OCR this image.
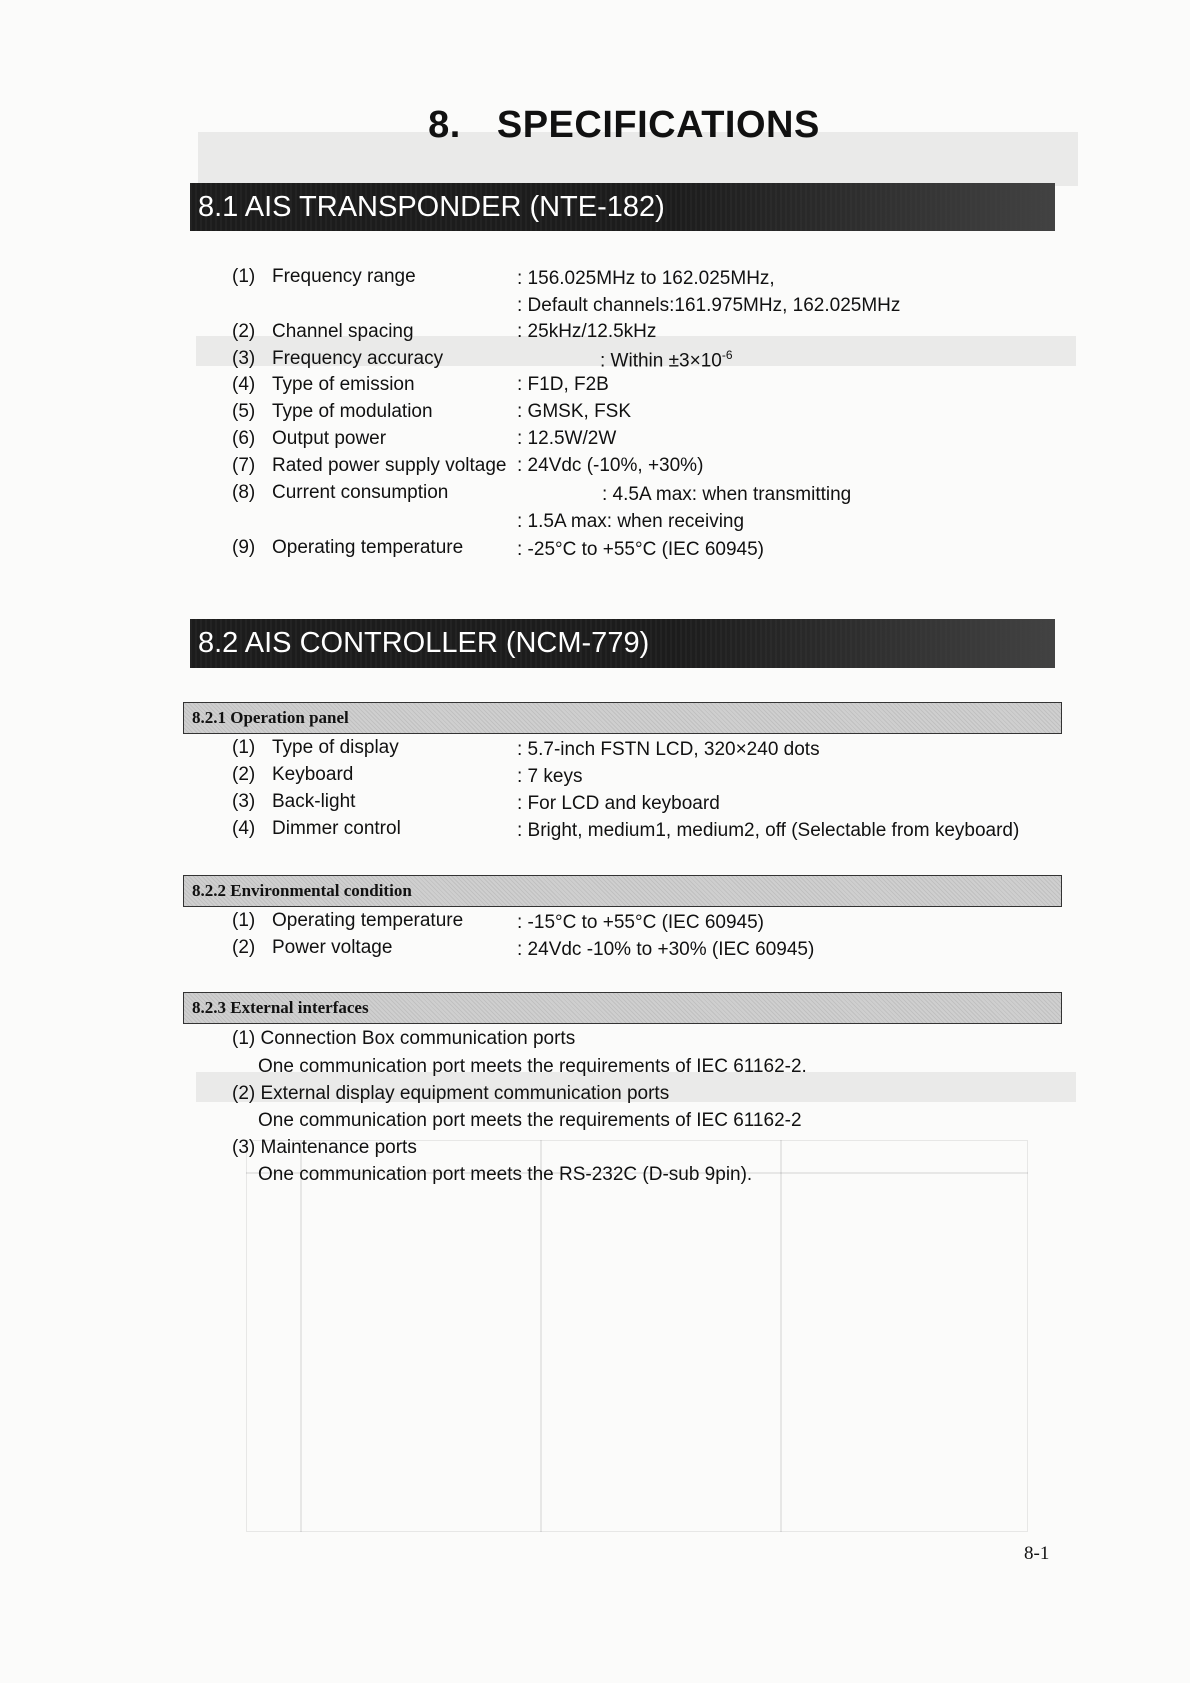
8. SPECIFICATIONS
8.1 AIS TRANSPONDER (NTE-182)
(1) Frequency range	: 156.025MHz to 162.025MHz,
: Default channels:161.975MHz, 162.025MHz
(2) Channel spacing	: 25kHz/12.5kHz
(3) Frequency accuracy	: Within $\pm 3\times 10^{-6}$
(4) Type of emission	: F1D, F2B
(5) Type of modulation	: GMSK, FSK
(6) Output power	: 12.5W/2W
(7) Rated power supply voltage : 24Vdc (-10%, +30%)
(8) Current consumption	: 4.5A max: when transmitting
: 1.5A max: when receiving
(9) Operating temperature	: -25°C to +55°C (IEC 60945)
8.2 AIS CONTROLLER (NCM-779)
8.2.1 Operation panel
(1) Type of display	: 5.7-inch FSTN LCD, 320×240 dots
(2) Keyboard	: 7 keys
(3) Back-light	: For LCD and keyboard
(4) Dimmer control	: Bright, medium1, medium2, off (Selectable from keyboard)
8.2.2 Environmental condition
(1) Operating temperature	: -15°C to +55°C (IEC 60945)
(2) Power voltage	: 24Vdc -10% to +30% (IEC 60945)
8.2.3 External interfaces
(1) Connection Box communication ports
One communication port meets the requirements of IEC 61162-2.
(2) External display equipment communication ports
One communication port meets the requirements of IEC 61162-2
(3) Maintenance ports
One communication port meets the RS-232C (D-sub 9pin).
8-1
